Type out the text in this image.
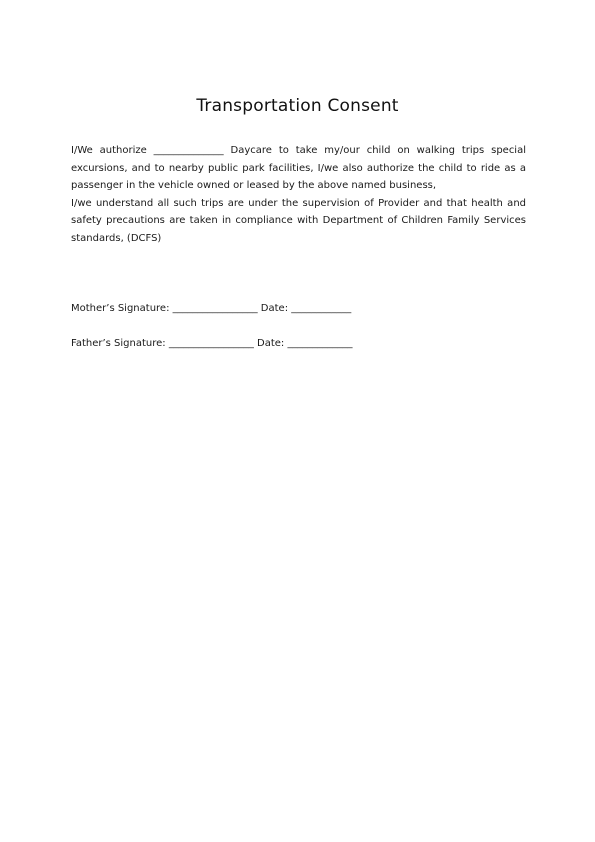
Transportation Consent

I/We authorize ______________ Daycare to take my/our child on walking trips special excursions, and to nearby public park facilities, I/we also authorize the child to ride as a passenger in the vehicle owned or leased by the above named business,

I/we understand all such trips are under the supervision of Provider and that health and safety precautions are taken in compliance with Department of Children Family Services standards, (DCFS)

Mother’s Signature: _________________ Date: ____________
Father’s Signature: _________________ Date: _____________
